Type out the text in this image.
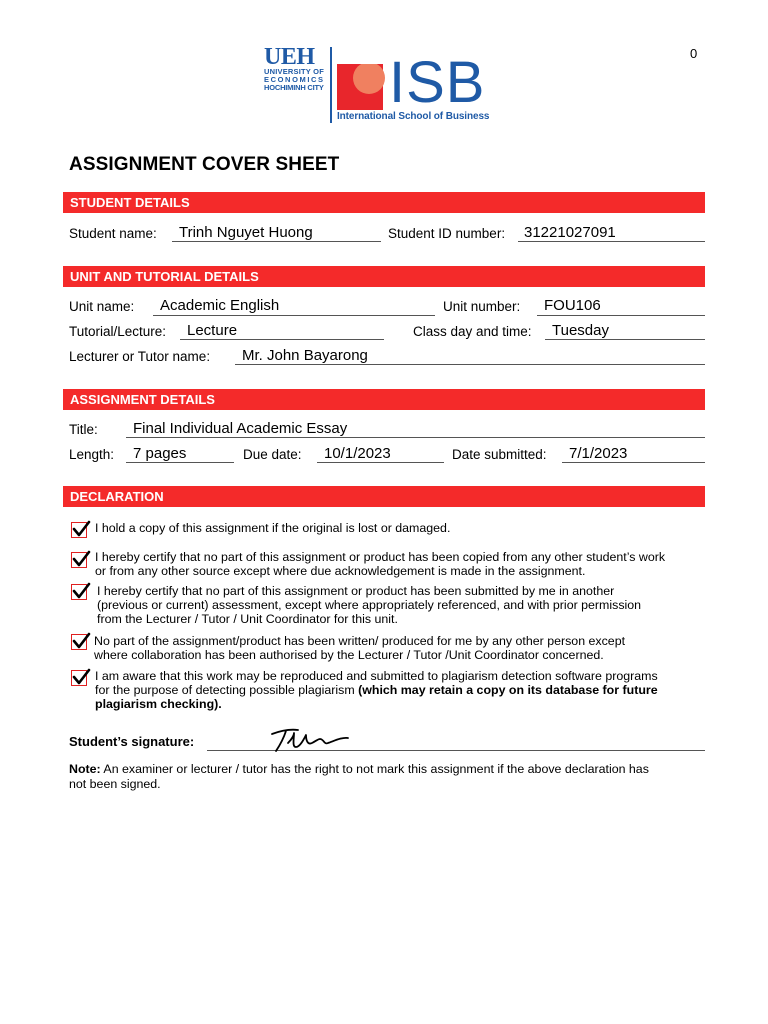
0
UEH
UNIVERSITY OF
ECONOMICS
HOCHIMINH CITY ISB
International School of Business
ASSIGNMENT COVER SHEET
STUDENT DETAILS
Student name: Trinh Nguyet Huong	Student ID number: 31221027091
UNIT AND TUTORIAL DETAILS
Unit name: Academic English	Unit number: FOU106
Tutorial/Lecture: Lecture	Class day and time: Tuesday
Lecturer or Tutor name: Mr. John Bayarong
ASSIGNMENT DETAILS
Title: Final Individual Academic Essay
Length: 7 pages	Due date: 10/1/2023	Date submitted: 7/1/2023
DECLARATION
I hold a copy of this assignment if the original is lost or damaged.
I hereby certify that no part of this assignment or product has been copied from any other student’s work
or from any other source except where due acknowledgement is made in the assignment.
I hereby certify that no part of this assignment or product has been submitted by me in another
(previous or current) assessment, except where appropriately referenced, and with prior permission
from the Lecturer / Tutor / Unit Coordinator for this unit.
No part of the assignment/product has been written/ produced for me by any other person except
where collaboration has been authorised by the Lecturer / Tutor /Unit Coordinator concerned.
I am aware that this work may be reproduced and submitted to plagiarism detection software programs
for the purpose of detecting possible plagiarism (which may retain a copy on its database for future
plagiarism checking).
Student’s signature:
Note: An examiner or lecturer / tutor has the right to not mark this assignment if the above declaration has
not been signed.
